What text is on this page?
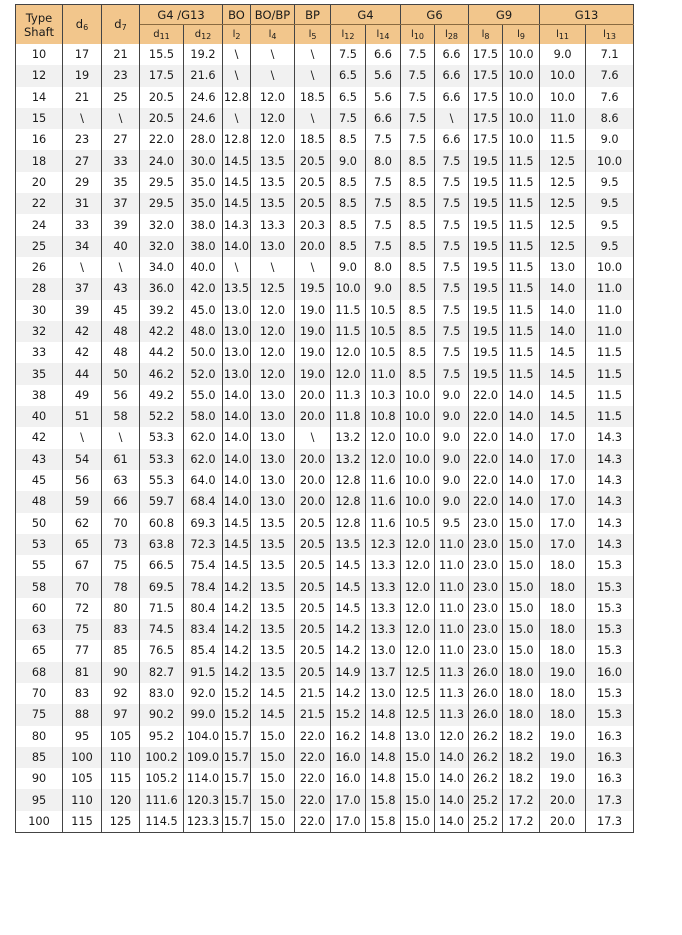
Type
Shaft	d6	d7	G4 /G13		BO	BO/BP	BP	G4		G6		G9		G13	
			$d_{11}$	$d_{12}$	$l_2$	$l_4$	$l_5$	$l_{12}$	$l_{14}$	$l_{10}$	$l_{28}$	$l_8$	$l_9$	$l_{11}$	$l_{13}$
10	17	21	15.5	19.2	\	\	\	7.5	6.6	7.5	6.6	17.5	10.0	9.0	7.1
12	19	23	17.5	21.6	\	\	\	6.5	5.6	7.5	6.6	17.5	10.0	10.0	7.6
14	21	25	20.5	24.6	12.8	12.0	18.5	6.5	5.6	7.5	6.6	17.5	10.0	10.0	7.6
15	\	\	20.5	24.6	\	12.0	\	7.5	6.6	7.5	\	17.5	10.0	11.0	8.6
16	23	27	22.0	28.0	12.8	12.0	18.5	8.5	7.5	7.5	6.6	17.5	10.0	11.5	9.0
18	27	33	24.0	30.0	14.5	13.5	20.5	9.0	8.0	8.5	7.5	19.5	11.5	12.5	10.0
20	29	35	29.5	35.0	14.5	13.5	20.5	8.5	7.5	8.5	7.5	19.5	11.5	12.5	9.5
22	31	37	29.5	35.0	14.5	13.5	20.5	8.5	7.5	8.5	7.5	19.5	11.5	12.5	9.5
24	33	39	32.0	38.0	14.3	13.3	20.3	8.5	7.5	8.5	7.5	19.5	11.5	12.5	9.5
25	34	40	32.0	38.0	14.0	13.0	20.0	8.5	7.5	8.5	7.5	19.5	11.5	12.5	9.5
26	\	\	34.0	40.0	\	\	\	9.0	8.0	8.5	7.5	19.5	11.5	13.0	10.0
28	37	43	36.0	42.0	13.5	12.5	19.5	10.0	9.0	8.5	7.5	19.5	11.5	14.0	11.0
30	39	45	39.2	45.0	13.0	12.0	19.0	11.5	10.5	8.5	7.5	19.5	11.5	14.0	11.0
32	42	48	42.2	48.0	13.0	12.0	19.0	11.5	10.5	8.5	7.5	19.5	11.5	14.0	11.0
33	42	48	44.2	50.0	13.0	12.0	19.0	12.0	10.5	8.5	7.5	19.5	11.5	14.5	11.5
35	44	50	46.2	52.0	13.0	12.0	19.0	12.0	11.0	8.5	7.5	19.5	11.5	14.5	11.5
38	49	56	49.2	55.0	14.0	13.0	20.0	11.3	10.3	10.0	9.0	22.0	14.0	14.5	11.5
40	51	58	52.2	58.0	14.0	13.0	20.0	11.8	10.8	10.0	9.0	22.0	14.0	14.5	11.5
42	\	\	53.3	62.0	14.0	13.0	\	13.2	12.0	10.0	9.0	22.0	14.0	17.0	14.3
43	54	61	53.3	62.0	14.0	13.0	20.0	13.2	12.0	10.0	9.0	22.0	14.0	17.0	14.3
45	56	63	55.3	64.0	14.0	13.0	20.0	12.8	11.6	10.0	9.0	22.0	14.0	17.0	14.3
48	59	66	59.7	68.4	14.0	13.0	20.0	12.8	11.6	10.0	9.0	22.0	14.0	17.0	14.3
50	62	70	60.8	69.3	14.5	13.5	20.5	12.8	11.6	10.5	9.5	23.0	15.0	17.0	14.3
53	65	73	63.8	72.3	14.5	13.5	20.5	13.5	12.3	12.0	11.0	23.0	15.0	17.0	14.3
55	67	75	66.5	75.4	14.5	13.5	20.5	14.5	13.3	12.0	11.0	23.0	15.0	18.0	15.3
58	70	78	69.5	78.4	14.2	13.5	20.5	14.5	13.3	12.0	11.0	23.0	15.0	18.0	15.3
60	72	80	71.5	80.4	14.2	13.5	20.5	14.5	13.3	12.0	11.0	23.0	15.0	18.0	15.3
63	75	83	74.5	83.4	14.2	13.5	20.5	14.2	13.3	12.0	11.0	23.0	15.0	18.0	15.3
65	77	85	76.5	85.4	14.2	13.5	20.5	14.2	13.0	12.0	11.0	23.0	15.0	18.0	15.3
68	81	90	82.7	91.5	14.2	13.5	20.5	14.9	13.7	12.5	11.3	26.0	18.0	19.0	16.0
70	83	92	83.0	92.0	15.2	14.5	21.5	14.2	13.0	12.5	11.3	26.0	18.0	18.0	15.3
75	88	97	90.2	99.0	15.2	14.5	21.5	15.2	14.8	12.5	11.3	26.0	18.0	18.0	15.3
80	95	105	95.2	104.0	15.7	15.0	22.0	16.2	14.8	13.0	12.0	26.2	18.2	19.0	16.3
85	100	110	100.2	109.0	15.7	15.0	22.0	16.0	14.8	15.0	14.0	26.2	18.2	19.0	16.3
90	105	115	105.2	114.0	15.7	15.0	22.0	16.0	14.8	15.0	14.0	26.2	18.2	19.0	16.3
95	110	120	111.6	120.3	15.7	15.0	22.0	17.0	15.8	15.0	14.0	25.2	17.2	20.0	17.3
100	115	125	114.5	123.3	15.7	15.0	22.0	17.0	15.8	15.0	14.0	25.2	17.2	20.0	17.3
